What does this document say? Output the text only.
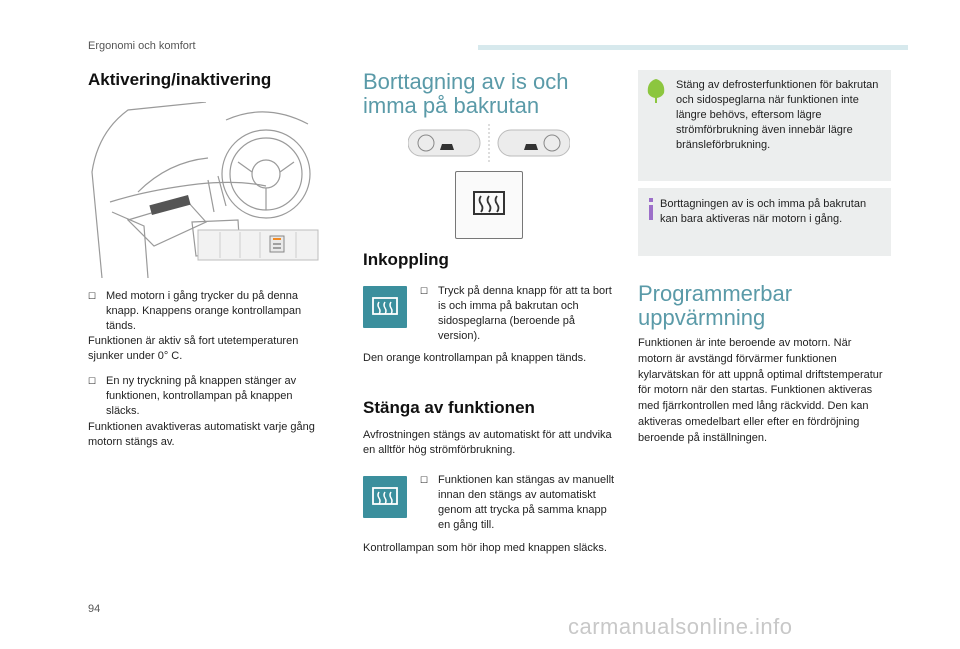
Ergonomi och komfort
Aktivering/inaktivering
☐ Med motorn i gång trycker du på denna knapp. Knappens orange kontrollampan tänds.
Funktionen är aktiv så fort utetemperaturen sjunker under 0° C.
☐ En ny tryckning på knappen stänger av funktionen, kontrollampan på knappen släcks.
Funktionen avaktiveras automatiskt varje gång motorn stängs av.
Borttagning av is och
imma på bakrutan
Inkoppling
☐ Tryck på denna knapp för att ta bort is och imma på bakrutan och sidospeglarna (beroende på version).
Den orange kontrollampan på knappen tänds.
Stänga av funktionen
Avfrostningen stängs av automatiskt för att undvika en alltför hög strömförbrukning.
☐ Funktionen kan stängas av manuellt innan den stängs av automatiskt genom att trycka på samma knapp en gång till.
Kontrollampan som hör ihop med knappen släcks.
Stäng av defrosterfunktionen för bakrutan och sidospeglarna när funktionen inte längre behövs, eftersom lägre strömförbrukning även innebär lägre bränsleförbrukning.
Borttagningen av is och imma på bakrutan kan bara aktiveras när motorn i gång.
Programmerbar
uppvärmning
Funktionen är inte beroende av motorn. När motorn är avstängd förvärmer funktionen kylarvätskan för att uppnå optimal driftstemperatur för motorn när den startas. Funktionen aktiveras med fjärrkontrollen med lång räckvidd. Den kan aktiveras omedelbart eller efter en fördröjning beroende på inställningen.
94
carmanualsonline.info
